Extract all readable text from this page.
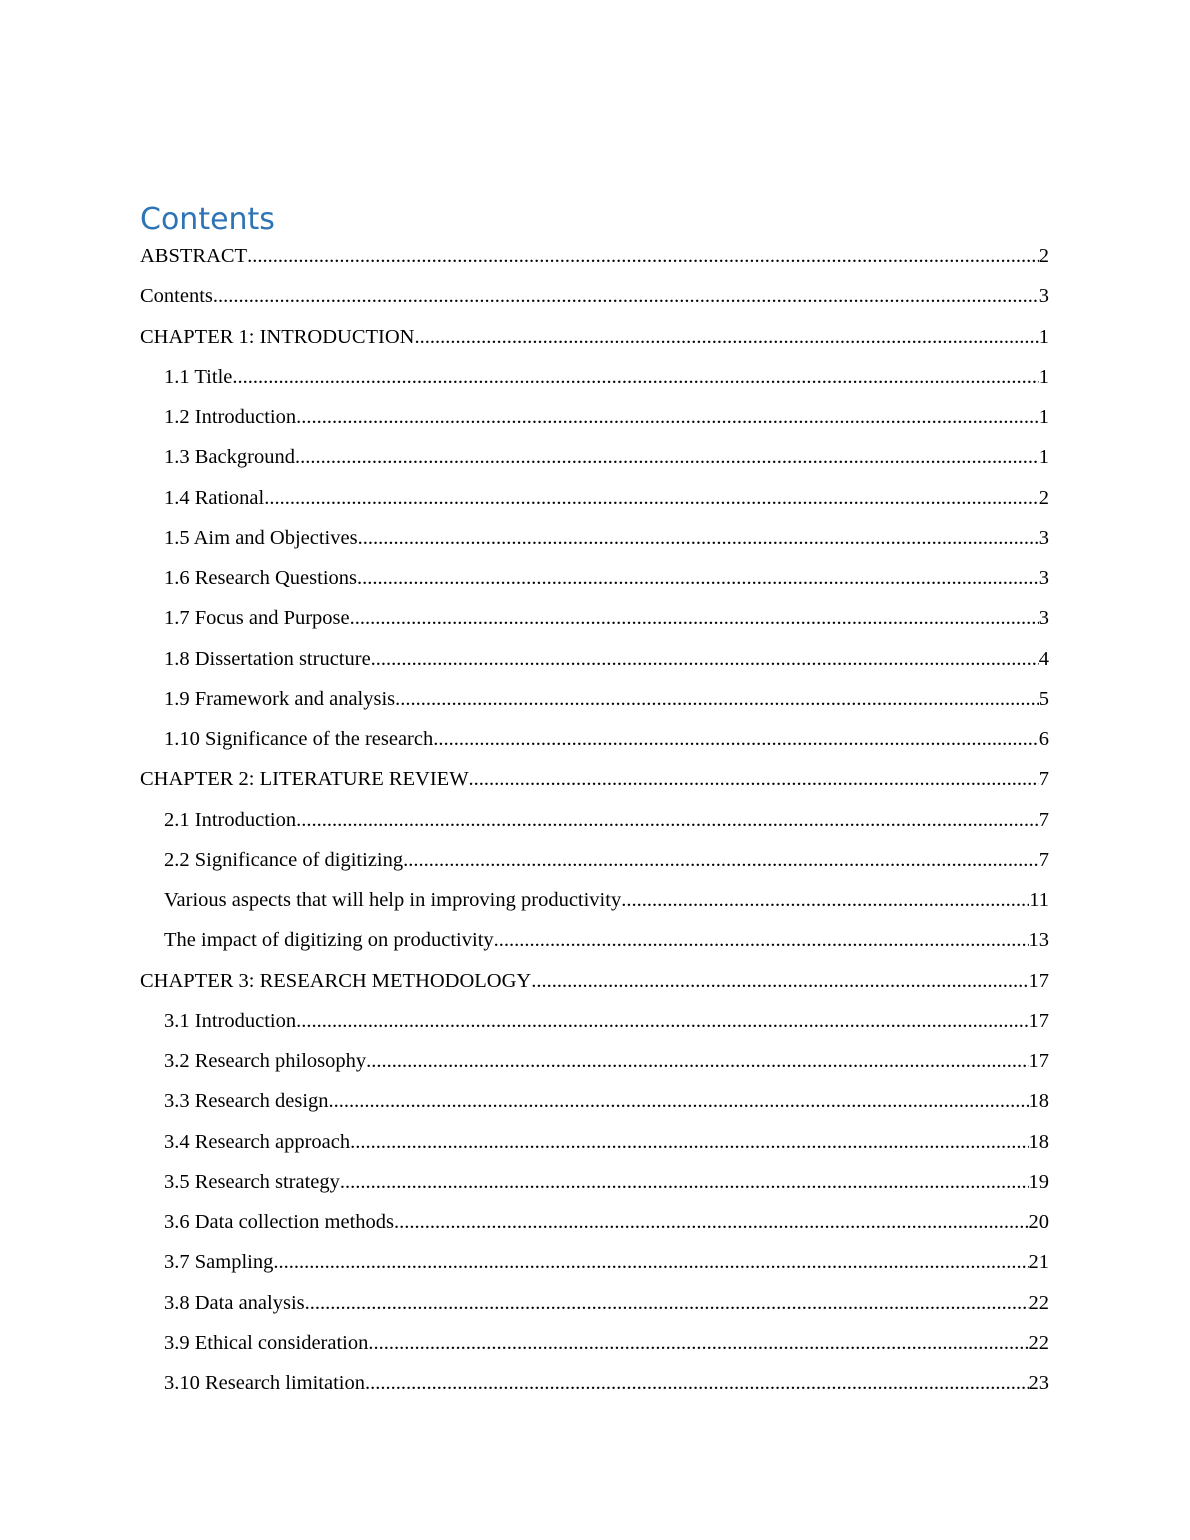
Contents
ABSTRACT .....	2
Contents .....	3
CHAPTER 1: INTRODUCTION .....	1
1.1 Title .....	1
1.2 Introduction .....	1
1.3 Background .....	1
1.4 Rational .....	2
1.5 Aim and Objectives .....	3
1.6 Research Questions .....	3
1.7 Focus and Purpose .....	3
1.8 Dissertation structure .....	4
1.9 Framework and analysis .....	5
1.10 Significance of the research .....	6
CHAPTER 2: LITERATURE REVIEW .....	7
2.1 Introduction .....	7
2.2 Significance of digitizing .....	7
Various aspects that will help in improving productivity .....	11
The impact of digitizing on productivity .....	13
CHAPTER 3: RESEARCH METHODOLOGY .....	17
3.1 Introduction .....	17
3.2 Research philosophy .....	17
3.3 Research design .....	18
3.4 Research approach .....	18
3.5 Research strategy .....	19
3.6 Data collection methods .....	20
3.7 Sampling .....	21
3.8 Data analysis .....	22
3.9 Ethical consideration .....	22
3.10 Research limitation .....	23
